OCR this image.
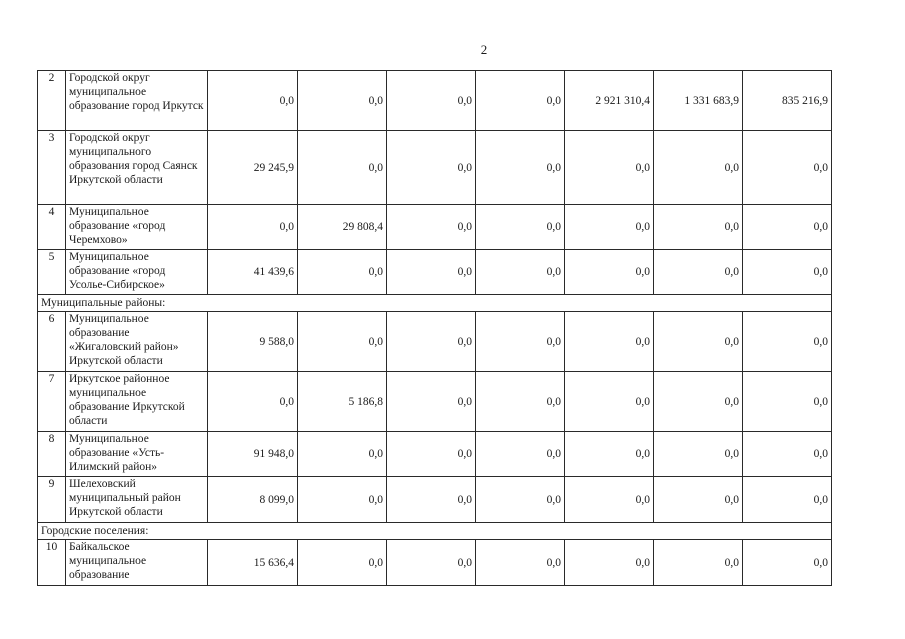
2
2	Городской округ муниципальное образование город Иркутск	0,0	0,0	0,0	0,0	2 921 310,4	1 331 683,9	835 216,9
3	Городской округ муниципального образования город Саянск Иркутской области	29 245,9	0,0	0,0	0,0	0,0	0,0	0,0
4	Муниципальное образование «город Черемхово»	0,0	29 808,4	0,0	0,0	0,0	0,0	0,0
5	Муниципальное образование «город Усолье-Сибирское»	41 439,6	0,0	0,0	0,0	0,0	0,0	0,0
Муниципальные районы:								
6	Муниципальное образование «Жигаловский район» Иркутской области	9 588,0	0,0	0,0	0,0	0,0	0,0	0,0
7	Иркутское районное муниципальное образование Иркутской области	0,0	5 186,8	0,0	0,0	0,0	0,0	0,0
8	Муниципальное образование «Усть-Илимский район»	91 948,0	0,0	0,0	0,0	0,0	0,0	0,0
9	Шелеховский муниципальный район Иркутской области	8 099,0	0,0	0,0	0,0	0,0	0,0	0,0
Городские поселения:								
10	Байкальское муниципальное образование	15 636,4	0,0	0,0	0,0	0,0	0,0	0,0
